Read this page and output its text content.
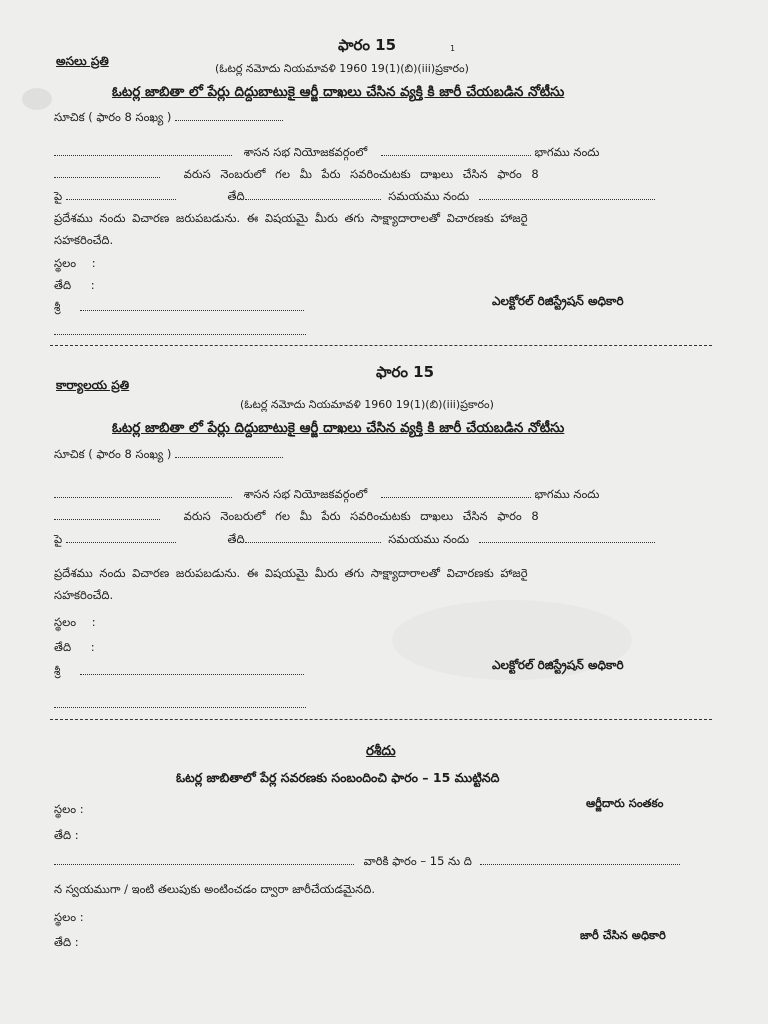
ఫారం 15	1
అసలు ప్రతి
(ఓటర్ల నమోదు నియమావళి 1960 19(1)(బి)(iii)ప్రకారం)
ఓటర్ల జాబితా లో పేర్లు దిద్దుబాటుకై ఆర్జీ దాఖలు చేసిన వ్యక్తి కి జారీ చేయబడిన నోటీసు
సూచిక ( ఫారం 8 సంఖ్య )
శాసన సభ నియోజకవర్గంలో	భాగము నందు
వరుస నెంబరులో గల మీ పేరు సవరించుటకు దాఖలు చేసిన ఫారం 8
పై	తేది	సమయము నందు
ప్రదేశము నందు విచారణ జరుపబడును. ఈ విషయమై మీరు తగు సాక్ష్యాదారాలతో విచారణకు హాజరై
సహకరించేది.
స్థలం :
తేది :
శ్రీ	ఎలక్టోరల్ రిజిస్ట్రేషన్ అధికారి
ఫారం 15
కార్యాలయ ప్రతి
(ఓటర్ల నమోదు నియమావళి 1960 19(1)(బి)(iii)ప్రకారం)
ఓటర్ల జాబితా లో పేర్లు దిద్దుబాటుకై ఆర్జీ దాఖలు చేసిన వ్యక్తి కి జారీ చేయబడిన నోటీసు
సూచిక ( ఫారం 8 సంఖ్య )
శాసన సభ నియోజకవర్గంలో	భాగము నందు
వరుస నెంబరులో గల మీ పేరు సవరించుటకు దాఖలు చేసిన ఫారం 8
పై	తేది	సమయము నందు
ప్రదేశము నందు విచారణ జరుపబడును. ఈ విషయమై మీరు తగు సాక్ష్యాదారాలతో విచారణకు హాజరై
సహకరించేది.
స్థలం :
తేది :
శ్రీ	ఎలక్టోరల్ రిజిస్ట్రేషన్ అధికారి
రశీదు
ఓటర్ల జాబితాలో పేర్ల సవరణకు సంబందించి ఫారం – 15 ముట్టినది
స్థలం :	ఆర్జీదారు సంతకం
తేది :
వారికి ఫారం – 15 ను ది
న స్వయముగా / ఇంటి తలుపుకు అంటించడం ద్వారా జారీచేయడమైనది.
స్థలం :
తేది :	జారీ చేసిన అధికారి
